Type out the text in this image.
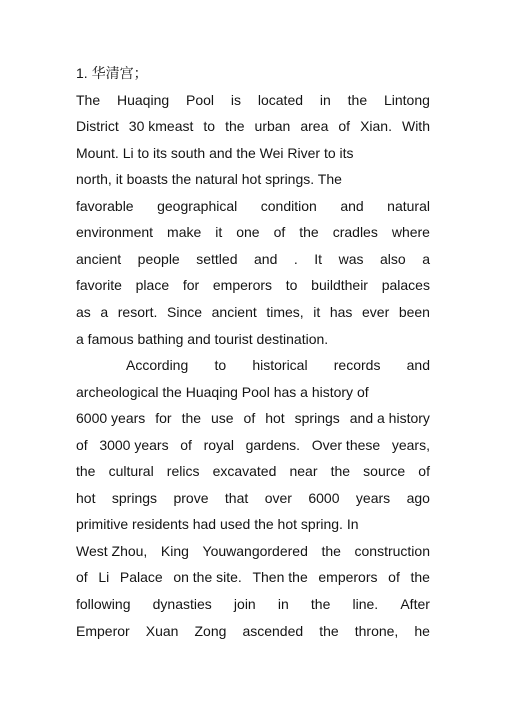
1. 华清宫；
The Huaqing Pool is located in the Lintong
District 30 kmeast to the urban area of Xian. With
Mount. Li to its south and the Wei River to its
north, it boasts the natural hot springs. The
favorable geographical condition and natural
environment make it one of the cradles where
ancient people settled and . It was also a
favorite place for emperors to buildtheir palaces
as a resort. Since ancient times, it has ever been
a famous bathing and tourist destination.
According to historical records and
archeological the Huaqing Pool has a history of
6000 years for the use of hot springs and a history
of 3000 years of royal gardens. Over these years,
the cultural relics excavated near the source of
hot springs prove that over 6000 years ago
primitive residents had used the hot spring. In
West Zhou, King Youwangordered the construction
of Li Palace on the site. Then the emperors of the
following dynasties join in the line. After
Emperor Xuan Zong ascended the throne, he
